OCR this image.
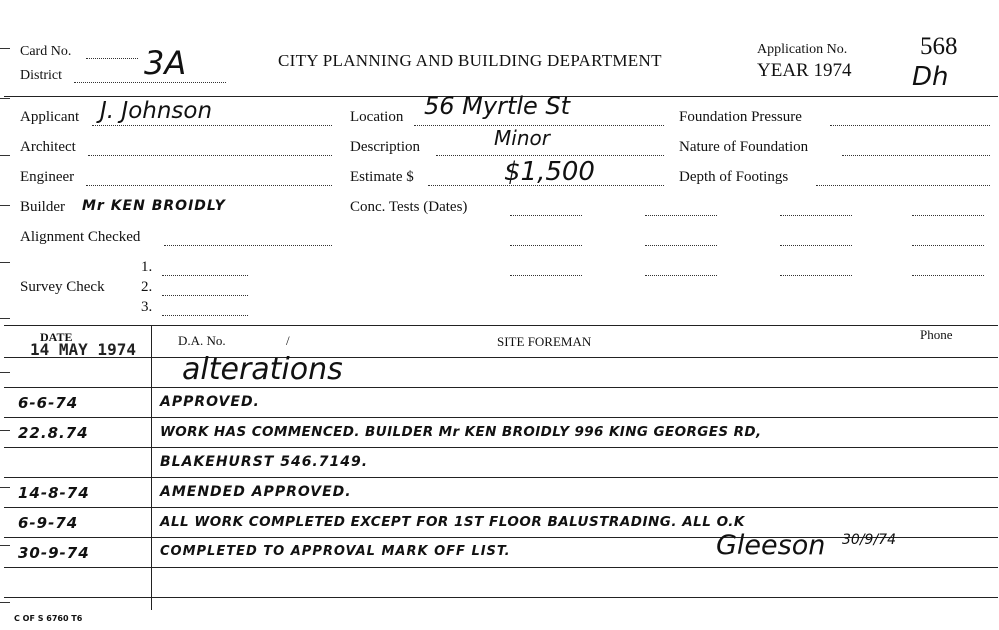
Card No.
District	3A	CITY PLANNING AND BUILDING DEPARTMENT
Application No.
YEAR 1974
568
Dh
Applicant J. Johnson
Architect
Engineer
Builder Mr KEN BROIDLY
Alignment Checked
1.
Survey Check 2.
3.
Location 56 Myrtle St
Description	Minor
Estimate $	$1,500
Conc. Tests (Dates)
Foundation Pressure
Nature of Foundation
Depth of Footings
DATE
14 MAY 1974	D.A. No.	/	SITE FOREMAN	Phone
alterations
6-6-74	APPROVED.
22.8.74	WORK HAS COMMENCED. BUILDER Mr KEN BROIDLY 996 KING GEORGES RD,
BLAKEHURST 546.7149.
14-8-74	AMENDED APPROVED.
6-9-74	ALL WORK COMPLETED EXCEPT FOR 1ST FLOOR BALUSTRADING. ALL O.K
30-9-74	COMPLETED TO APPROVAL MARK OFF LIST.	Gleeson 30/9/74
C OF S 6760 T6
